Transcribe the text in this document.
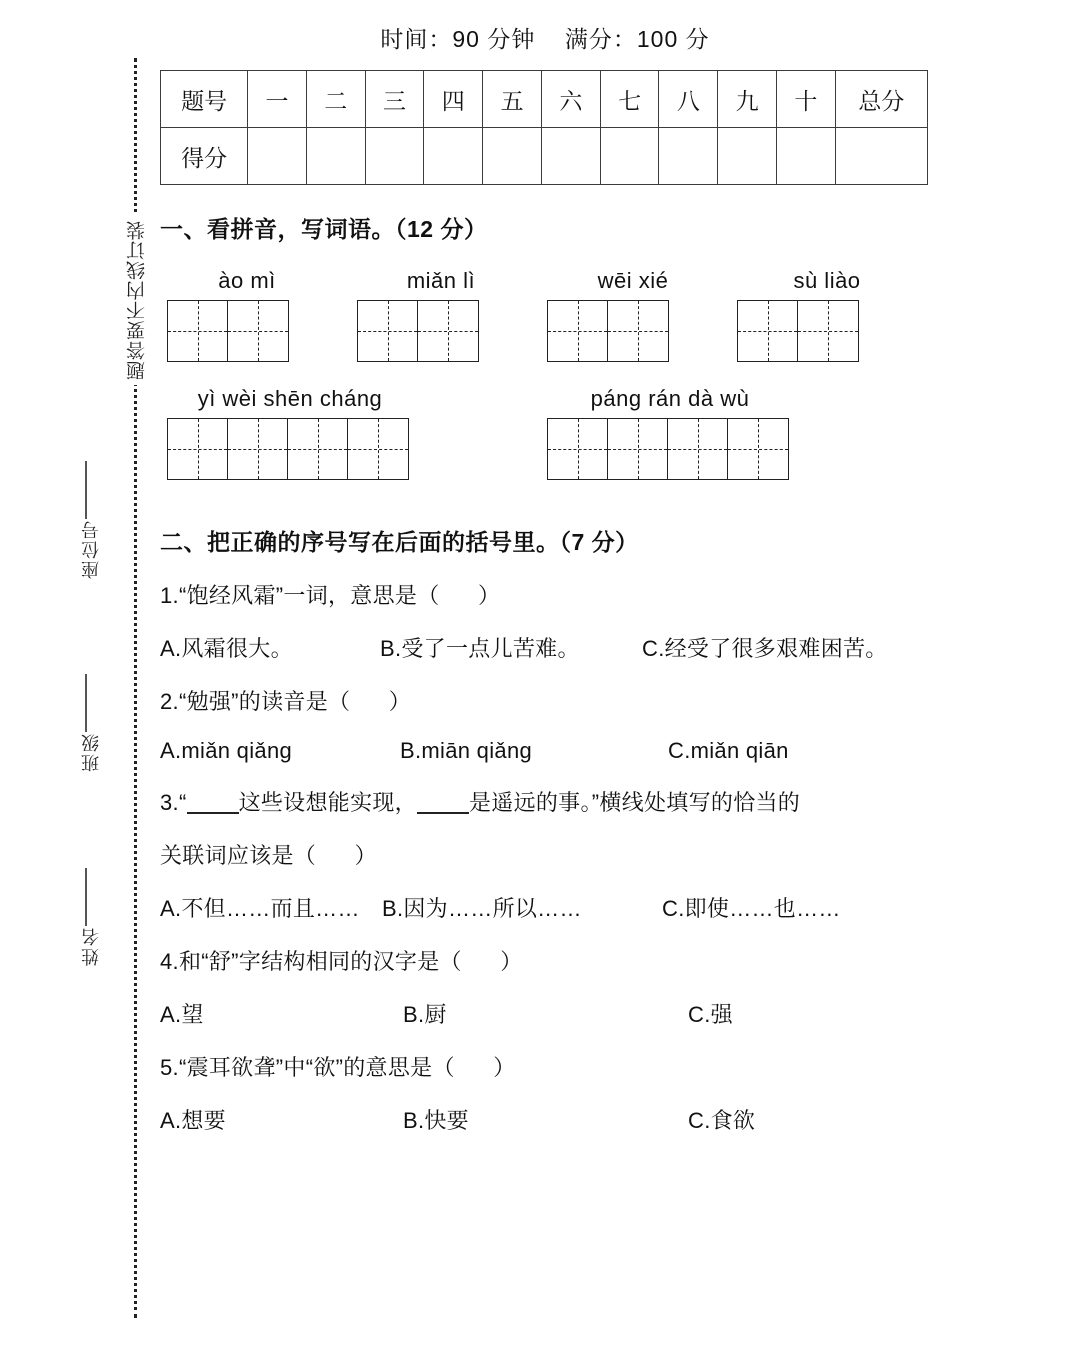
题答要不内线订装
座位号
班级
姓名
时间：90 分钟    满分：100 分
题号	一	二	三	四	五	六	七	八	九	十	总分
得分											
一、看拼音，写词语。（12 分）
ào mì	miǎn lì	wēi xié	sù liào
yì wèi shēn cháng	páng rán dà wù
二、把正确的序号写在后面的括号里。（7 分）
1.“饱经风霜”一词，意思是（      ）
A.风霜很大。	B.受了一点儿苦难。	C.经受了很多艰难困苦。
2.“勉强”的读音是（      ）
A.miǎn qiǎng	B.miān qiǎng	C.miǎn qiān
3.“ 这些设想能实现， 是遥远的事。”横线处填写的恰当的
关联词应该是（      ）
A.不但……而且……	B.因为……所以……	C.即使……也……
4.和“舒”字结构相同的汉字是（      ）
A.望	B.厨	C.强
5.“震耳欲聋”中“欲”的意思是（      ）
A.想要	B.快要	C.食欲
